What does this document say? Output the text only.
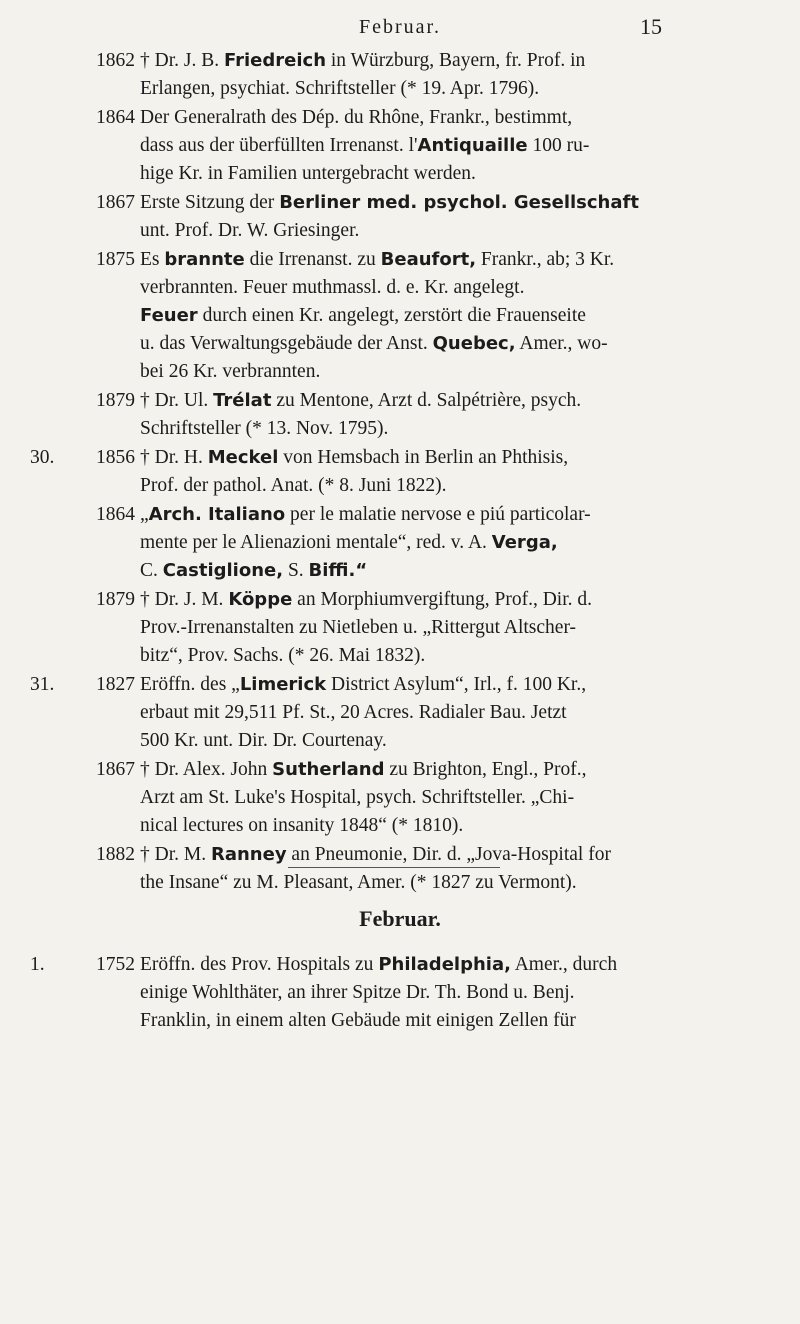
Februar.	15
1862 † Dr. J. B. Friedreich in Würzburg, Bayern, fr. Prof. in
Erlangen, psychiat. Schriftsteller (* 19. Apr. 1796).
1864 Der Generalrath des Dép. du Rhône, Frankr., bestimmt,
dass aus der überfüllten Irrenanst. l'Antiquaille 100 ru-
hige Kr. in Familien untergebracht werden.
1867 Erste Sitzung der Berliner med. psychol. Gesellschaft
unt. Prof. Dr. W. Griesinger.
1875 Es brannte die Irrenanst. zu Beaufort, Frankr., ab; 3 Kr.
verbrannten. Feuer muthmassl. d. e. Kr. angelegt.
Feuer durch einen Kr. angelegt, zerstört die Frauenseite
u. das Verwaltungsgebäude der Anst. Quebec, Amer., wo-
bei 26 Kr. verbrannten.
1879 † Dr. Ul. Trélat zu Mentone, Arzt d. Salpétrière, psych.
Schriftsteller (* 13. Nov. 1795).
30. 1856 † Dr. H. Meckel von Hemsbach in Berlin an Phthisis,
Prof. der pathol. Anat. (* 8. Juni 1822).
1864 „Arch. Italiano per le malatie nervose e piú particolar-
mente per le Alienazioni mentale“, red. v. A. Verga,
C. Castiglione, S. Biffi.“
1879 † Dr. J. M. Köppe an Morphiumvergiftung, Prof., Dir. d.
Prov.-Irrenanstalten zu Nietleben u. „Rittergut Altscher-
bitz“, Prov. Sachs. (* 26. Mai 1832).
31. 1827 Eröffn. des „Limerick District Asylum“, Irl., f. 100 Kr.,
erbaut mit 29,511 Pf. St., 20 Acres. Radialer Bau. Jetzt
500 Kr. unt. Dir. Dr. Courtenay.
1867 † Dr. Alex. John Sutherland zu Brighton, Engl., Prof.,
Arzt am St. Luke's Hospital, psych. Schriftsteller. „Chi-
nical lectures on insanity 1848“ (* 1810).
1882 † Dr. M. Ranney an Pneumonie, Dir. d. „Jova-Hospital for
the Insane“ zu M. Pleasant, Amer. (* 1827 zu Vermont).
Februar.
1.	1752 Eröffn. des Prov. Hospitals zu Philadelphia, Amer., durch
einige Wohlthäter, an ihrer Spitze Dr. Th. Bond u. Benj.
Franklin, in einem alten Gebäude mit einigen Zellen für
